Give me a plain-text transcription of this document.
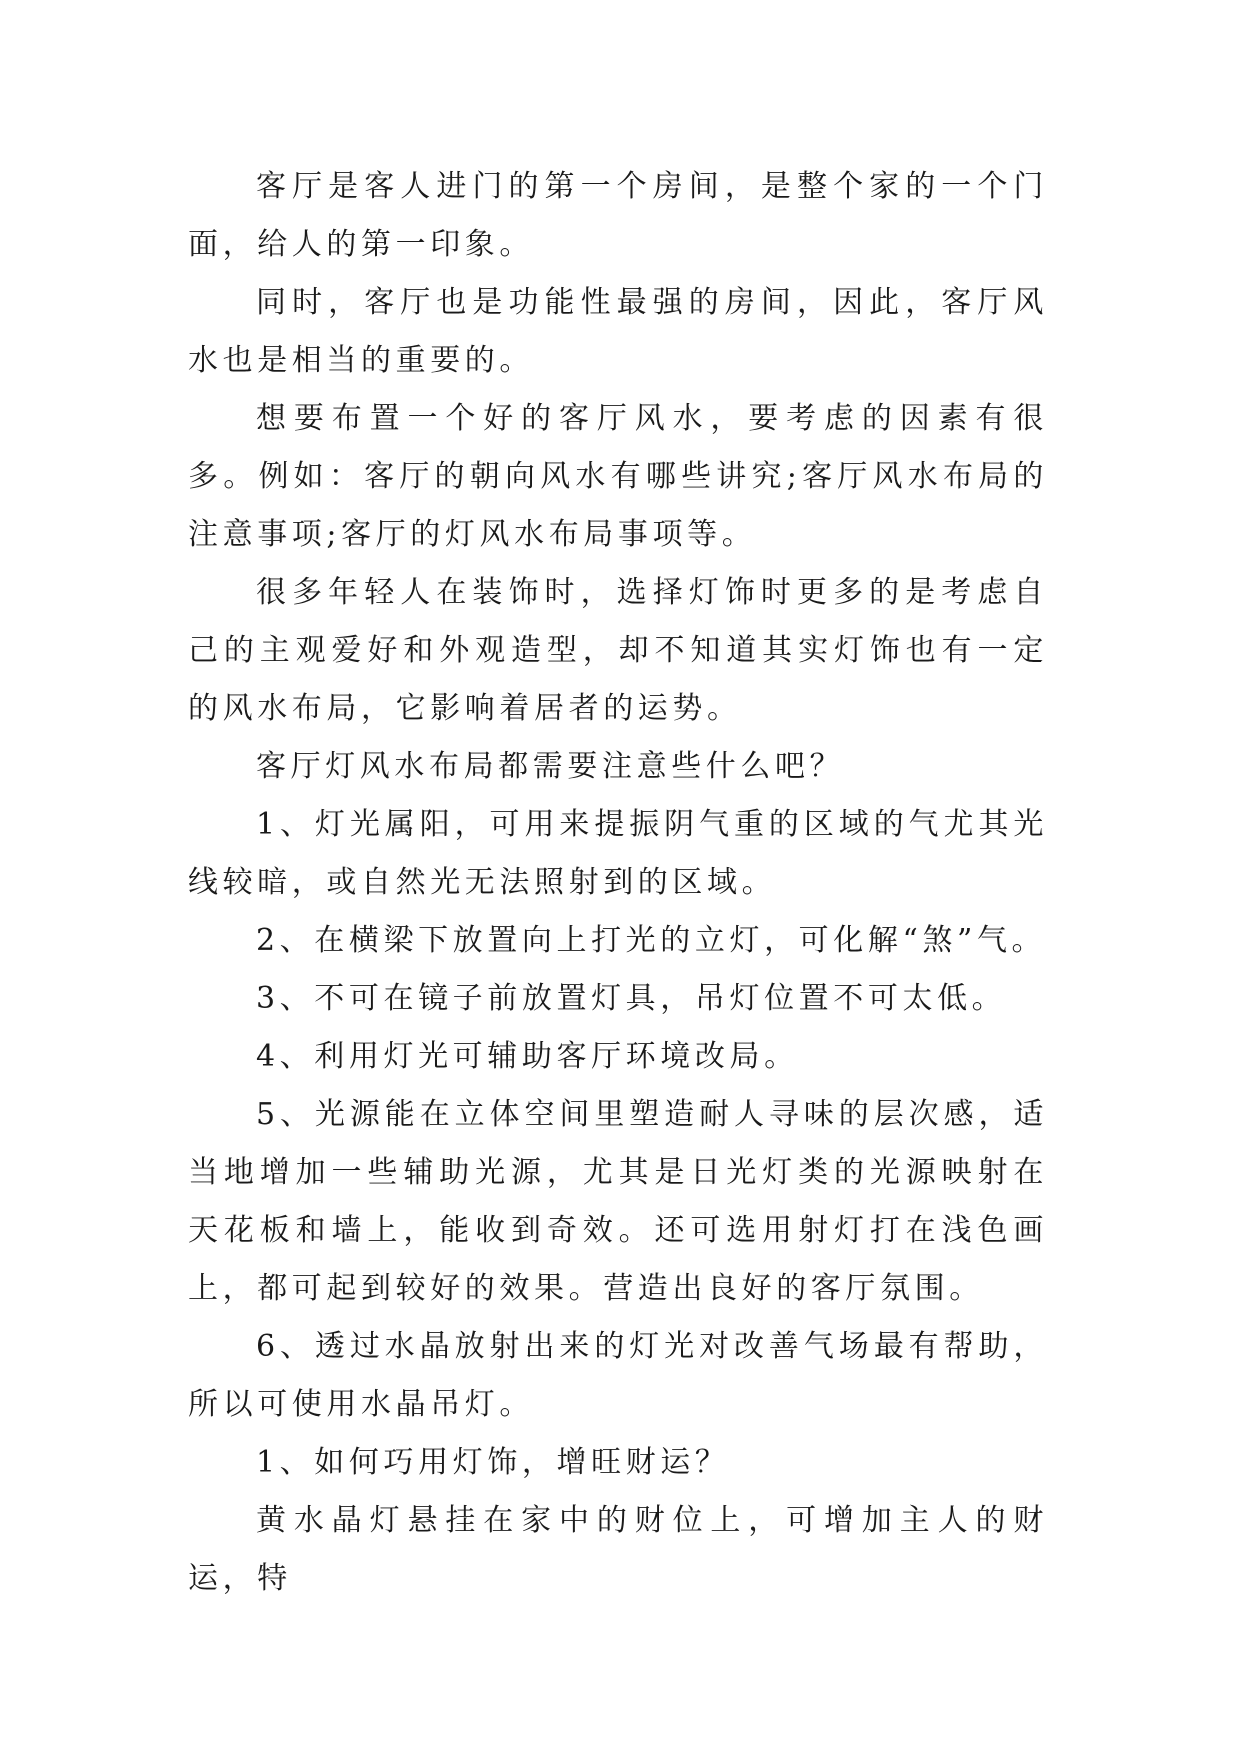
客厅是客人进门的第一个房间，是整个家的一个门面，给人的第一印象。

同时，客厅也是功能性最强的房间，因此，客厅风水也是相当的重要的。

想要布置一个好的客厅风水，要考虑的因素有很多。例如：客厅的朝向风水有哪些讲究;客厅风水布局的注意事项;客厅的灯风水布局事项等。

很多年轻人在装饰时，选择灯饰时更多的是考虑自己的主观爱好和外观造型，却不知道其实灯饰也有一定的风水布局，它影响着居者的运势。

客厅灯风水布局都需要注意些什么吧？

1、灯光属阳，可用来提振阴气重的区域的气尤其光线较暗，或自然光无法照射到的区域。

2、在横梁下放置向上打光的立灯，可化解“煞”气。

3、不可在镜子前放置灯具，吊灯位置不可太低。

4、利用灯光可辅助客厅环境改局。

5、光源能在立体空间里塑造耐人寻味的层次感，适当地增加一些辅助光源，尤其是日光灯类的光源映射在天花板和墙上，能收到奇效。还可选用射灯打在浅色画上，都可起到较好的效果。营造出良好的客厅氛围。

6、透过水晶放射出来的灯光对改善气场最有帮助，所以可使用水晶吊灯。

1、如何巧用灯饰，增旺财运？

黄水晶灯悬挂在家中的财位上，可增加主人的财运，特
